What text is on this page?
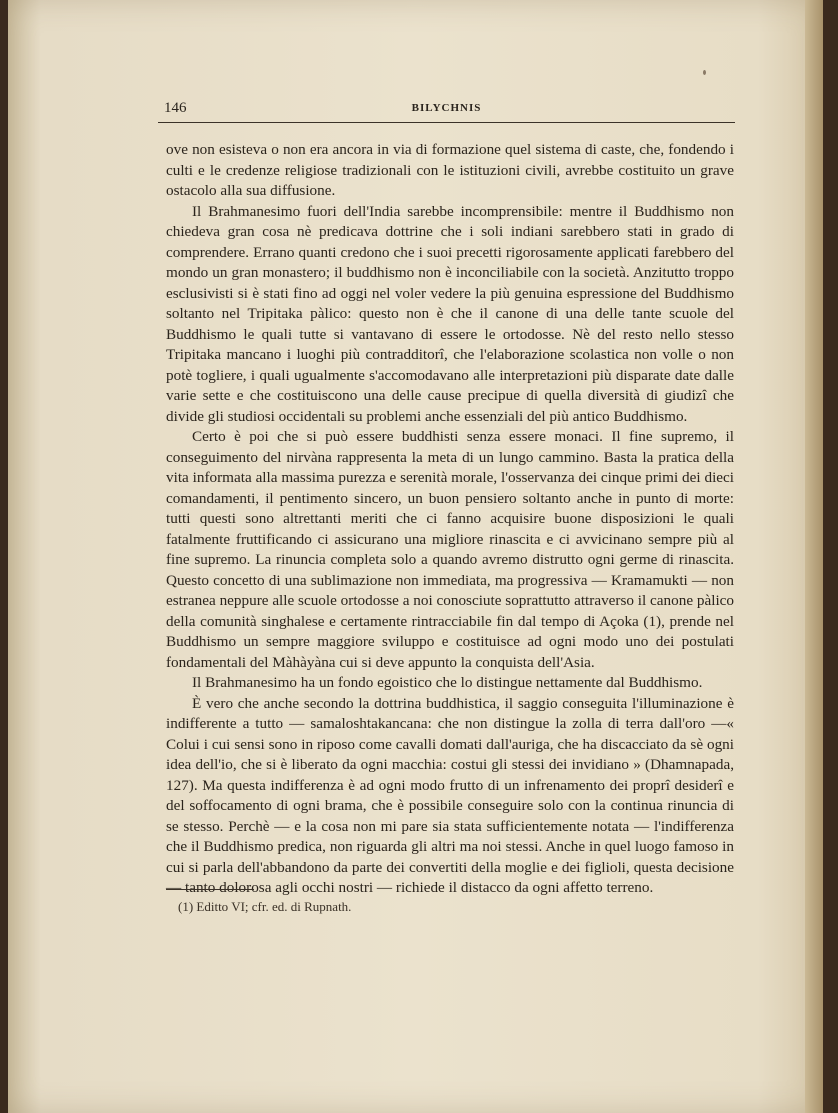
146	BILYCHNIS

ove non esisteva o non era ancora in via di formazione quel sistema di caste, che, fondendo i culti e le credenze religiose tradizionali con le istituzioni civili, avrebbe costituito un grave ostacolo alla sua diffusione.

Il Brahmanesimo fuori dell'India sarebbe incomprensibile: mentre il Buddhismo non chiedeva gran cosa nè predicava dottrine che i soli indiani sarebbero stati in grado di comprendere. Errano quanti credono che i suoi precetti rigorosamente applicati farebbero del mondo un gran monastero; il buddhismo non è inconciliabile con la società. Anzitutto troppo esclusivisti si è stati fino ad oggi nel voler vedere la più genuina espressione del Buddhismo soltanto nel Tripitaka pàlico: questo non è che il canone di una delle tante scuole del Buddhismo le quali tutte si vantavano di essere le ortodosse. Nè del resto nello stesso Tripitaka mancano i luoghi più contradditorî, che l'elaborazione scolastica non volle o non potè togliere, i quali ugualmente s'accomodavano alle interpretazioni più disparate date dalle varie sette e che costituiscono una delle cause precipue di quella diversità di giudizî che divide gli studiosi occidentali su problemi anche essenziali del più antico Buddhismo.

Certo è poi che si può essere buddhisti senza essere monaci. Il fine supremo, il conseguimento del nirvàna rappresenta la meta di un lungo cammino. Basta la pratica della vita informata alla massima purezza e serenità morale, l'osservanza dei cinque primi dei dieci comandamenti, il pentimento sincero, un buon pensiero soltanto anche in punto di morte: tutti questi sono altrettanti meriti che ci fanno acquisire buone disposizioni le quali fatalmente fruttificando ci assicurano una migliore rinascita e ci avvicinano sempre più al fine supremo. La rinuncia completa solo a quando avremo distrutto ogni germe di rinascita. Questo concetto di una sublimazione non immediata, ma progressiva — Kramamukti — non estranea neppure alle scuole ortodosse a noi conosciute soprattutto attraverso il canone pàlico della comunità singhalese e certamente rintracciabile fin dal tempo di Açoka (1), prende nel Buddhismo un sempre maggiore sviluppo e costituisce ad ogni modo uno dei postulati fondamentali del Màhàyàna cui si deve appunto la conquista dell'Asia.

Il Brahmanesimo ha un fondo egoistico che lo distingue nettamente dal Buddhismo.

È vero che anche secondo la dottrina buddhistica, il saggio conseguita l'illuminazione è indifferente a tutto — samaloshtakancana: che non distingue la zolla di terra dall'oro —« Colui i cui sensi sono in riposo come cavalli domati dall'auriga, che ha discacciato da sè ogni idea dell'io, che si è liberato da ogni macchia: costui gli stessi dei invidiano » (Dhamnapada, 127). Ma questa indifferenza è ad ogni modo frutto di un infrenamento dei proprî desiderî e del soffocamento di ogni brama, che è possibile conseguire solo con la continua rinuncia di se stesso. Perchè — e la cosa non mi pare sia stata sufficientemente notata — l'indifferenza che il Buddhismo predica, non riguarda gli altri ma noi stessi. Anche in quel luogo famoso in cui si parla dell'abbandono da parte dei convertiti della moglie e dei figlioli, questa decisione — tanto dolorosa agli occhi nostri — richiede il distacco da ogni affetto terreno.

(1) Editto VI; cfr. ed. di Rupnath.
